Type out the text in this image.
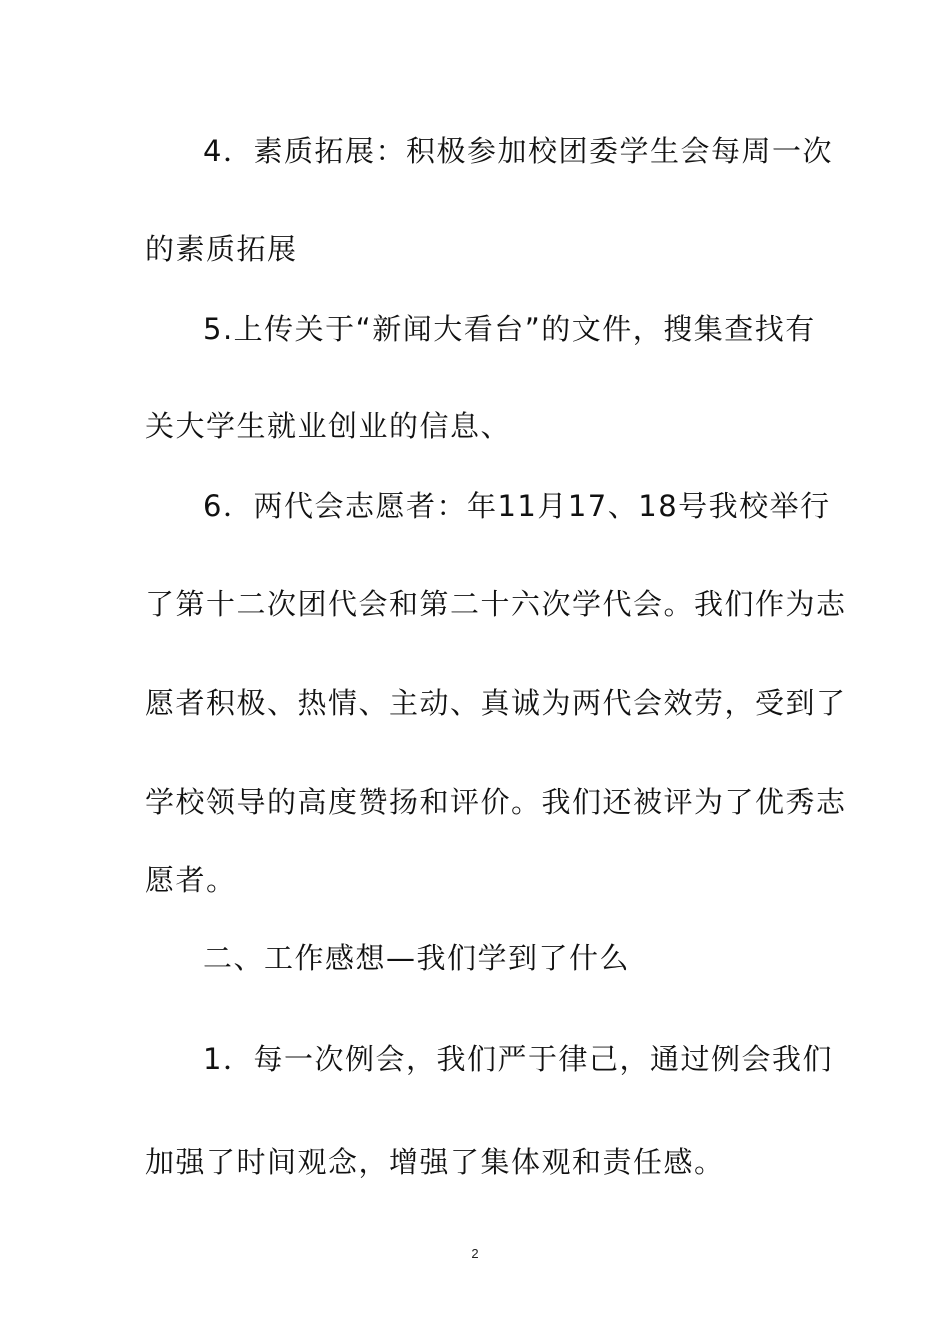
4．素质拓展：积极参加校团委学生会每周一次
的素质拓展
5.上传关于“新闻大看台”的文件，搜集查找有
关大学生就业创业的信息、
6．两代会志愿者：年11月17、18号我校举行
了第十二次团代会和第二十六次学代会。我们作为志
愿者积极、热情、主动、真诚为两代会效劳，受到了
学校领导的高度赞扬和评价。我们还被评为了优秀志
愿者。
二、工作感想—我们学到了什么
1．每一次例会，我们严于律己，通过例会我们
加强了时间观念，增强了集体观和责任感。
2
